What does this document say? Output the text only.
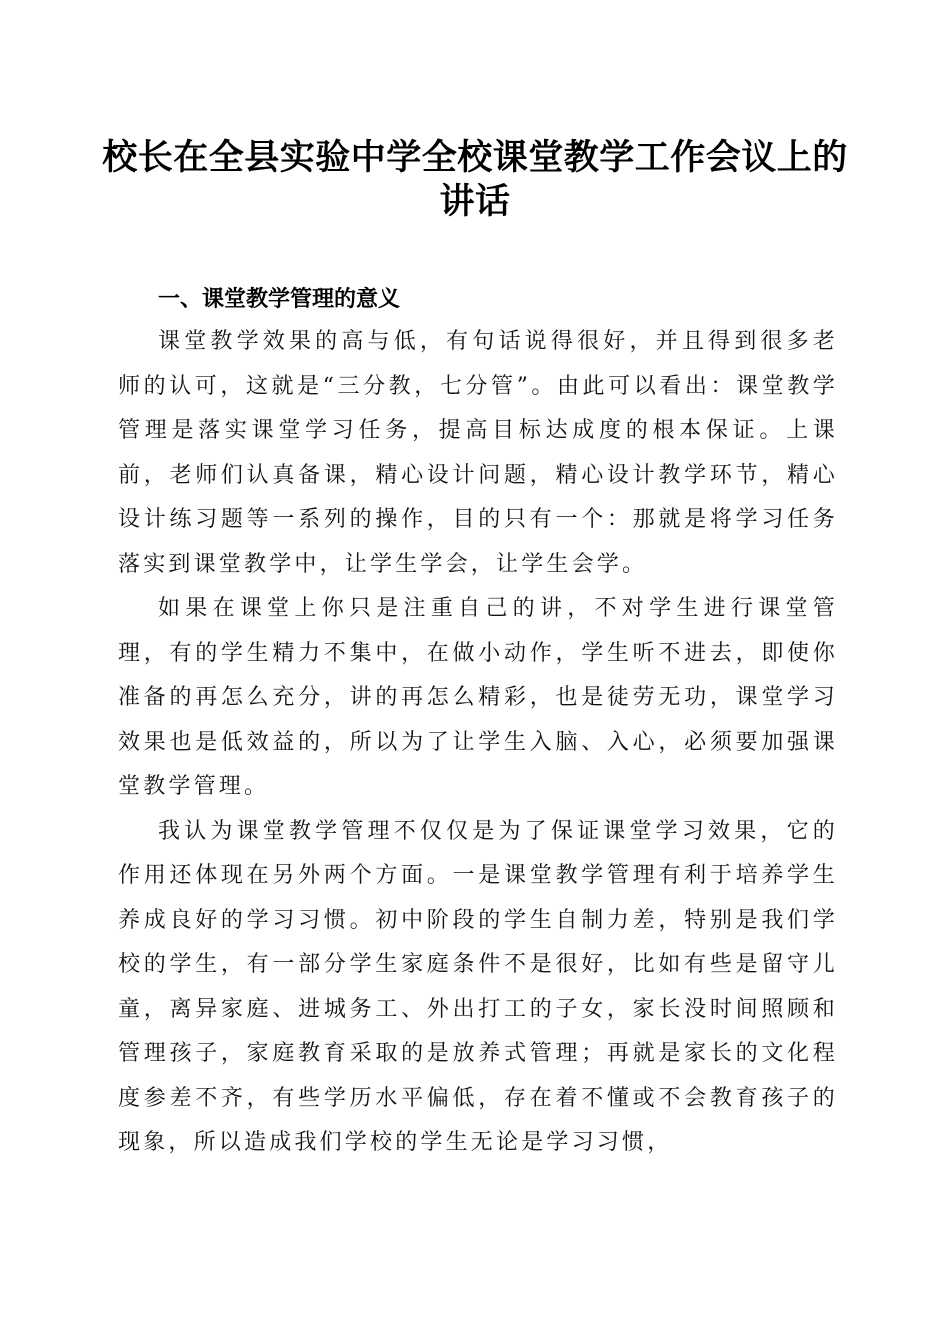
校长在全县实验中学全校课堂教学工作会议上的讲话
一、课堂教学管理的意义

课堂教学效果的高与低，有句话说得很好，并且得到很多老师的认可，这就是“三分教，七分管”。由此可以看出：课堂教学管理是落实课堂学习任务，提高目标达成度的根本保证。上课前，老师们认真备课，精心设计问题，精心设计教学环节，精心设计练习题等一系列的操作，目的只有一个：那就是将学习任务落实到课堂教学中，让学生学会，让学生会学。

如果在课堂上你只是注重自己的讲，不对学生进行课堂管理，有的学生精力不集中，在做小动作，学生听不进去，即使你准备的再怎么充分，讲的再怎么精彩，也是徒劳无功，课堂学习效果也是低效益的，所以为了让学生入脑、入心，必须要加强课堂教学管理。

我认为课堂教学管理不仅仅是为了保证课堂学习效果，它的作用还体现在另外两个方面。一是课堂教学管理有利于培养学生养成良好的学习习惯。初中阶段的学生自制力差，特别是我们学校的学生，有一部分学生家庭条件不是很好，比如有些是留守儿童，离异家庭、进城务工、外出打工的子女，家长没时间照顾和管理孩子，家庭教育采取的是放养式管理；再就是家长的文化程度参差不齐，有些学历水平偏低，存在着不懂或不会教育孩子的现象，所以造成我们学校的学生无论是学习习惯，
